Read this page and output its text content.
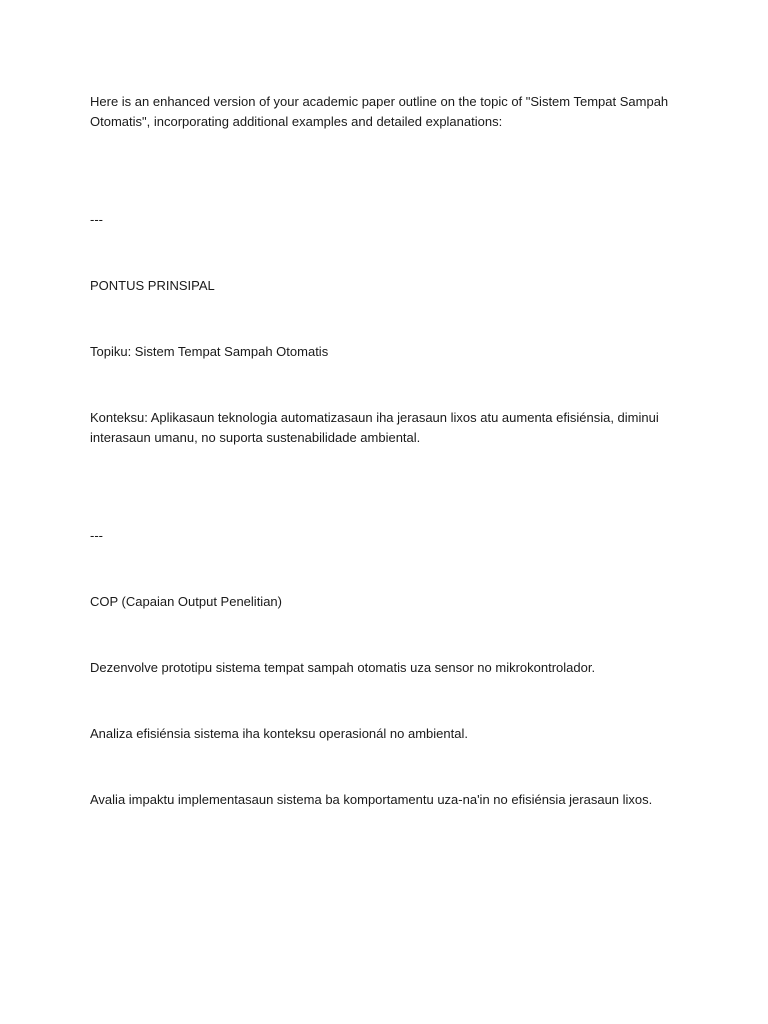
Here is an enhanced version of your academic paper outline on the topic of "Sistem Tempat Sampah Otomatis", incorporating additional examples and detailed explanations:

---

PONTUS PRINSIPAL

Topiku: Sistem Tempat Sampah Otomatis

Konteksu: Aplikasaun teknologia automatizasaun iha jerasaun lixos atu aumenta efisiénsia, diminui interasaun umanu, no suporta sustenabilidade ambiental.

---

COP (Capaian Output Penelitian)

Dezenvolve prototipu sistema tempat sampah otomatis uza sensor no mikrokontrolador.

Analiza efisiénsia sistema iha konteksu operasionál no ambiental.

Avalia impaktu implementasaun sistema ba komportamentu uza-na'in no efisiénsia jerasaun lixos.
